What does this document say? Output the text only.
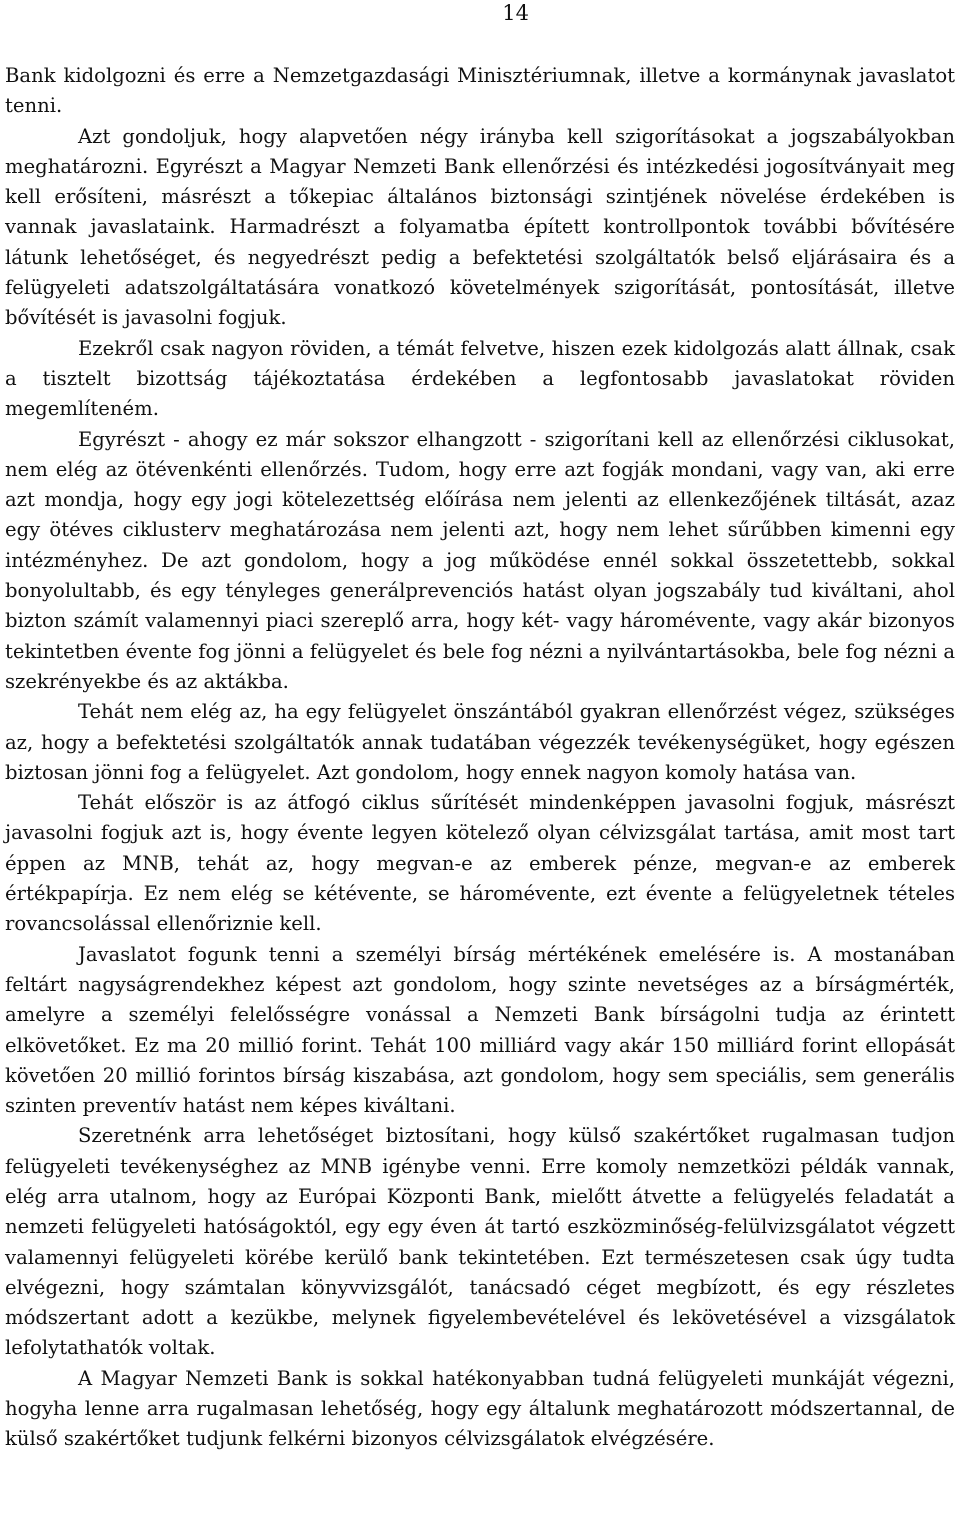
14

Bank kidolgozni és erre a Nemzetgazdasági Minisztériumnak, illetve a kormánynak javaslatot tenni.

Azt gondoljuk, hogy alapvetően négy irányba kell szigorításokat a jogszabályokban meghatározni. Egyrészt a Magyar Nemzeti Bank ellenőrzési és intézkedési jogosítványait meg kell erősíteni, másrészt a tőkepiac általános biztonsági szintjének növelése érdekében is vannak javaslataink. Harmadrészt a folyamatba épített kontrollpontok további bővítésére látunk lehetőséget, és negyedrészt pedig a befektetési szolgáltatók belső eljárásaira és a felügyeleti adatszolgáltatására vonatkozó követelmények szigorítását, pontosítását, illetve bővítését is javasolni fogjuk.

Ezekről csak nagyon röviden, a témát felvetve, hiszen ezek kidolgozás alatt állnak, csak a tisztelt bizottság tájékoztatása érdekében a legfontosabb javaslatokat röviden megemlíteném.

Egyrészt - ahogy ez már sokszor elhangzott - szigorítani kell az ellenőrzési ciklusokat, nem elég az ötévenkénti ellenőrzés. Tudom, hogy erre azt fogják mondani, vagy van, aki erre azt mondja, hogy egy jogi kötelezettség előírása nem jelenti az ellenkezőjének tiltását, azaz egy ötéves ciklusterv meghatározása nem jelenti azt, hogy nem lehet sűrűbben kimenni egy intézményhez. De azt gondolom, hogy a jog működése ennél sokkal összetettebb, sokkal bonyolultabb, és egy tényleges generálprevenciós hatást olyan jogszabály tud kiváltani, ahol bizton számít valamennyi piaci szereplő arra, hogy két- vagy háromévente, vagy akár bizonyos tekintetben évente fog jönni a felügyelet és bele fog nézni a nyilvántartásokba, bele fog nézni a szekrényekbe és az aktákba.

Tehát nem elég az, ha egy felügyelet önszántából gyakran ellenőrzést végez, szükséges az, hogy a befektetési szolgáltatók annak tudatában végezzék tevékenységüket, hogy egészen biztosan jönni fog a felügyelet. Azt gondolom, hogy ennek nagyon komoly hatása van.

Tehát először is az átfogó ciklus sűrítését mindenképpen javasolni fogjuk, másrészt javasolni fogjuk azt is, hogy évente legyen kötelező olyan célvizsgálat tartása, amit most tart éppen az MNB, tehát az, hogy megvan-e az emberek pénze, megvan-e az emberek értékpapírja. Ez nem elég se kétévente, se háromévente, ezt évente a felügyeletnek tételes rovancsolással ellenőriznie kell.

Javaslatot fogunk tenni a személyi bírság mértékének emelésére is. A mostanában feltárt nagyságrendekhez képest azt gondolom, hogy szinte nevetséges az a bírságmérték, amelyre a személyi felelősségre vonással a Nemzeti Bank bírságolni tudja az érintett elkövetőket. Ez ma 20 millió forint. Tehát 100 milliárd vagy akár 150 milliárd forint ellopását követően 20 millió forintos bírság kiszabása, azt gondolom, hogy sem speciális, sem generális szinten preventív hatást nem képes kiváltani.

Szeretnénk arra lehetőséget biztosítani, hogy külső szakértőket rugalmasan tudjon felügyeleti tevékenységhez az MNB igénybe venni. Erre komoly nemzetközi példák vannak, elég arra utalnom, hogy az Európai Központi Bank, mielőtt átvette a felügyelés feladatát a nemzeti felügyeleti hatóságoktól, egy egy éven át tartó eszközminőség-felülvizsgálatot végzett valamennyi felügyeleti körébe kerülő bank tekintetében. Ezt természetesen csak úgy tudta elvégezni, hogy számtalan könyvvizsgálót, tanácsadó céget megbízott, és egy részletes módszertant adott a kezükbe, melynek figyelembevételével és lekövetésével a vizsgálatok lefolytathatók voltak.

A Magyar Nemzeti Bank is sokkal hatékonyabban tudná felügyeleti munkáját végezni, hogyha lenne arra rugalmasan lehetőség, hogy egy általunk meghatározott módszertannal, de külső szakértőket tudjunk felkérni bizonyos célvizsgálatok elvégzésére.
